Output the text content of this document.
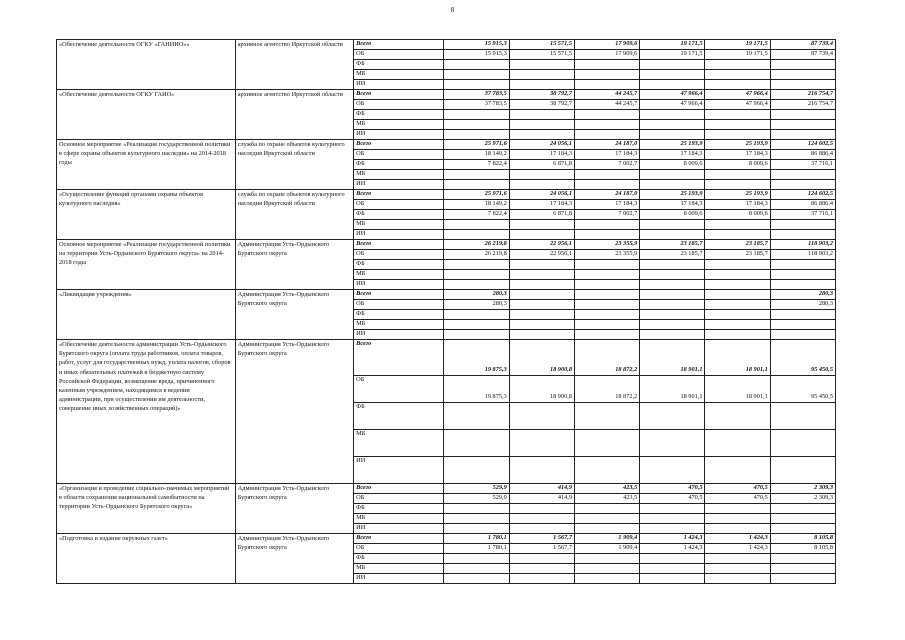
8
«Обеспечение деятельности ОГКУ «ГАНИИО»»	архивное агентство Иркутской области	Всего	15 915,3	15 571,5	17 909,6	19 171,5	19 171,5	87 739,4
		ОБ	15 915,3	15 571,5	17 909,6	19 171,5	19 171,5	87 739,4
		ФБ						
		МБ						
		ИИ						
«Обеспечение деятельности ОГКУ ГАИО»	архивное агентство Иркутской области	Всего	37 783,5	38 792,7	44 245,7	47 966,4	47 966,4	216 754,7
		ОБ	37 783,5	38 792,7	44 245,7	47 966,4	47 966,4	216 754,7
		ФБ						
		МБ						
		ИИ						
Основное мероприятие «Реализация государственной политики в сфере охраны объектов культурного наследия» на 2014-2018 годы	служба по охране объектов культурного наследия Иркутской области	Всего	25 971,6	24 056,1	24 187,0	25 193,9	25 193,9	124 602,5
		ОБ	18 149,2	17 184,3	17 184,3	17 184,3	17 184,3	86 886,4
		ФБ	7 822,4	6 871,8	7 002,7	8 009,6	8 009,6	37 716,1
		МБ						
		ИИ						
«Осуществление функций органами охраны объектов культурного наследия»	служба по охране объектов культурного наследия Иркутской области	Всего	25 971,6	24 056,1	24 187,0	25 193,9	25 193,9	124 602,5
		ОБ	18 149,2	17 184,3	17 184,3	17 184,3	17 184,3	86 886,4
		ФБ	7 822,4	6 871,8	7 002,7	8 009,6	8 009,6	37 716,1
		МБ						
		ИИ						
Основное мероприятие «Реализация государственной политики на территории Усть-Ордынского Бурятского округа» на 2014-2018 годы	Администрация Усть-Ордынского Бурятского округа	Всего	26 219,8	22 956,1	23 355,9	23 185,7	23 185,7	118 903,2
		ОБ	26 219,8	22 956,1	23 355,9	23 185,7	23 185,7	118 903,2
		ФБ						
		МБ						
		ИИ						
«Ликвидация учреждения»	Администрация Усть-Ордынского Бурятского округа	Всего	280,3					280,3
		ОБ	280,3					280,3
		ФБ						
		МБ						
		ИИ						
«Обеспечение деятельности администрации Усть-Ордынского Бурятского округа (оплата труда работников, оплата товаров, работ, услуг для государственных нужд, уплата налогов, сборов и иных обязательных платежей в бюджетную систему Российской Федерации, возмещение вреда, причиненного казенным учреждением, находящимся в ведении администрации, при осуществлении им деятельности, совершение иных хозяйственных операций)»	Администрация Усть-Ордынского Бурятского округа	Всего	19 875,3	18 900,8	18 872,2	18 901,1	18 901,1	95 450,5
		ОБ	19 875,3	18 900,8	18 872,2	18 901,1	18 901,1	95 450,5
		ФБ						
		МБ						
		ИИ						
«Организация и проведение социально-значимых мероприятий в области сохранения национальной самобытности на территории Усть-Ордынского Бурятского округа»	Администрация Усть-Ордынского Бурятского округа	Всего	529,9	414,9	423,5	470,5	470,5	2 309,3
		ОБ	529,9	414,9	423,5	470,5	470,5	2 309,3
		ФБ						
		МБ						
		ИИ						
«Подготовка и издание окружных газет»	Администрация Усть-Ордынского Бурятского округа	Всего	1 780,1	1 567,7	1 909,4	1 424,3	1 424,3	8 105,8
		ОБ	1 780,1	1 567,7	1 909,4	1 424,3	1 424,3	8 105,8
		ФБ						
		МБ						
		ИИ						
